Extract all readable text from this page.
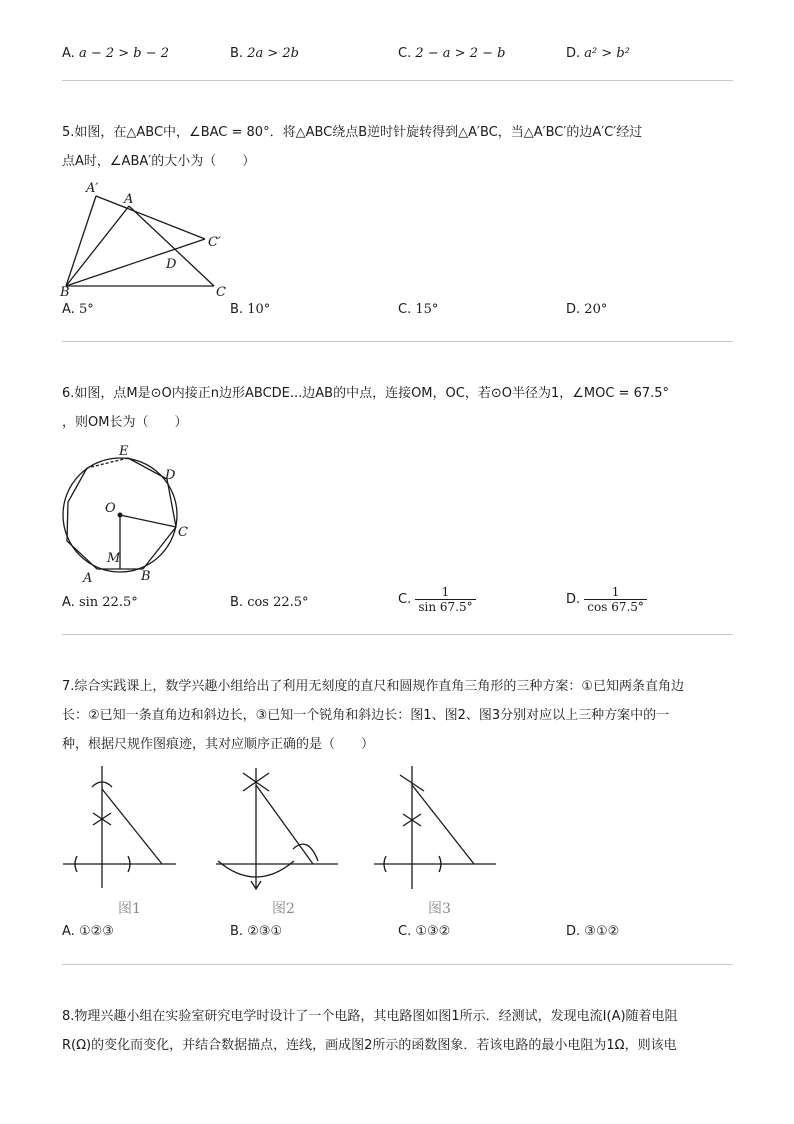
A. a − 2 > b − 2	B. 2a > 2b	C. 2 − a > 2 − b	D. a² > b²
5.如图，在△ABC中，∠BAC = 80°．将△ABC绕点B逆时针旋转得到△A′BC，当△A′BC′的边A′C′经过
点A时，∠ABA′的大小为（　　）
A′
A
C′
D
B	C
A. 5°	B. 10°	C. 15°	D. 20°
6.如图，点M是⊙O内接正n边形ABCDE...边AB的中点，连接OM，OC，若⊙O半径为1，∠MOC = 67.5°
，则OM长为（　　）
E
D
O
C
M
A	B
A. sin 22.5°	B. cos 22.5°	C. $\frac{1}{\sin 67.5^\circ}$	D. $\frac{1}{\cos 67.5^\circ}$
7.综合实践课上，数学兴趣小组给出了利用无刻度的直尺和圆规作直角三角形的三种方案：①已知两条直角边
长：②已知一条直角边和斜边长，③已知一个锐角和斜边长：图1、图2、图3分别对应以上三种方案中的一
种，根据尺规作图痕迹，其对应顺序正确的是（　　）
图1	图2	图3
A. ①②③	B. ②③①	C. ①③②	D. ③①②
8.物理兴趣小组在实验室研究电学时设计了一个电路，其电路图如图1所示．经测试，发现电流I(A)随着电阻
R(Ω)的变化而变化，并结合数据描点，连线，画成图2所示的函数图象．若该电路的最小电阻为1Ω，则该电
